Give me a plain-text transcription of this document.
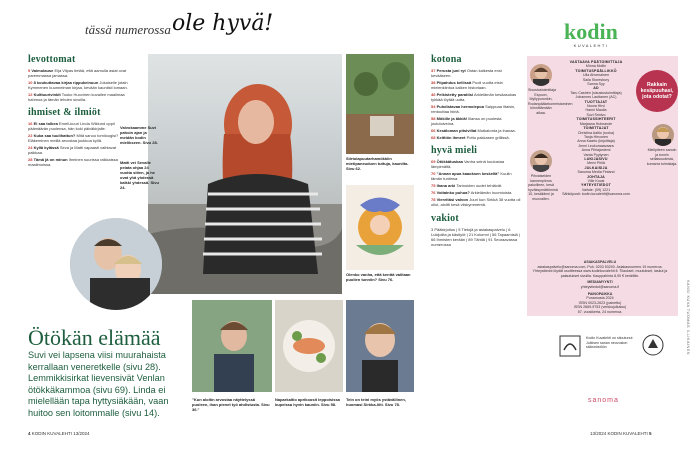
tässä numerossa ole hyvä!	kodin
KUVALEHTI
levottomat
9 Vaimolause Eija Vilpas tietää, että aamulla asiat ovat paremmassa jamassa.
10 8 koukuttavaa kirjaa rippukeinuun Jokaiselle jotain Kymmenen kuunnelman kirjaa, kevään kauniisti lomaan.
12 Kulttuurivinkit Touko Huovinen kuvailee maailmaa hahmoa ja tämän lehden sivuilla.
ihmiset & ilmiöt
16 Ei saa tolkea Emeli-kuuri Linda Wiklund oppii päämäärän puolensa, hän koki päiväkirjalle.
22 Kuka saa tuulihattun? Mitä sanoo tomiloogisi? Eläkeminen meillä arvostaa joukkoa kyllä.
24 Kyllä kylässä Seva ja Matti vapaasti vaihtavat paikkaa.
28 Tämä jä on minun Ihminen suurissa raikkaissa maailmoissa.
Valvokaamme Suvi pahoin ajan ja meidän kodin mielikseen. Sivu 28.
Matti vei Sevalle pelata ohjaa 24 vuotta siiten, ja he ovat yhä yhdessä kaikki yhdessä. Sivu 24.
Siirtolapuutarhamökkiin mietipaneuduen tuttuja, kauniita. Sivu 62.
Olenko vanha, että kenttä valitaan puolien tunniin? Sivu 76.
Ötökän elämää
Suvi vei lapsena viisi muurahaista kerrallaan veneretkelle (sivu 28). Lemmikkisirkat lievensivät Venlan ötökkäkammoa (sivu 69). Linda ei mielellään tapa hyttysiäkään, vaan huitoo sen loitommalle (sivu 14).
"Kun aloitin arvostaa näyttelyssä puoleen, ihan pienet työ ahdistusta. Sivu 36."
Naparkaltio aprikoosit leppoisissa kupeissa hyvin kauniin. Sivu 58.
Tein on teini myös ystävällinen, huomasi Sirkka-liiti. Sivu 78.
kotona
37 Perusta juni ryt Ostan kaikesta ensi kevääseen.
38 Piipahdus kellissä Puoli vuotta etsin mielenkiintoa kaiken historiaan.
46 Pelkistetty paratiisi Arkielämän kesäasukas tykkää löytää uutta.
54 Puhdistavaa hermolepoa Saippuaa iltaisin, rentouttaa hiiriä.
58 Mökille ja äkkiä! Illansa on puolesta joulutoiveina.
66 Kesäloman pitsivillat Mutkatonta ja ihanaa.
68 Keittiön ihmeet Pottu pakkasen grillissä.
hyvä mieli
69 Ötökkätuskaa Vanha seinä kuulostaa lämpimältä.
70 "Annan apua kaaoksen keskellä" Kuulin tämän tuntinsa.
75 Ihana arki Tarinoiden uudet tehtävät.
76 Voitainko puhua? Arkielämän huomioista.
78 Viereltäsi valvon Juuri kun Sirkkä 38 vuotta oli ollut, aloitti kesä viiskymmentä.
vakiot
3 Pääkirjoitus | 5 Tietojä ja asiakaspalvelu | 6 Lukijoilta ja käsityöt | 21 Kolumni | 56 Tapaamisiä | 66 Ihmisten kerään | 89 Tähtiä | 91 Seuraavassa numerossa
Sisustustoimittaja Espoon, Myllypuronkin, Rodanpääkekomeistaminen kiinnittämään aikaa.
Mielipiteen sanoin ja tunnin sellaisuudesta, kumarra toimistaja.
Pihvaiseiden kannenpiirros pakollinen, kesä hyväksymättöminä 10, kesäkiinni ja muovailen.
Rakkain kesäpuuhasi, jota odotat?
VASTAAVA PÄÄTOIMITTAJA
Minna Mollin
TOIMITUSPÄÄLLIKKÖ
Ulla Ahvenainen
Saila Storesbury
Sanna Syy
AD
Taru Castrén (sisustustoimittaja)
Johannes Lauttanen (AC)
TUOTTAJAT
Noora Hirvi
Hanni Mauila
Suvi Srinivo
TOIMITUSSIHTEERIT
Marjaana Hulmande
TOIMITTAJAT
Christina Aaltio (ruoka)
Tanja Hirvonen
Anna Kaarto (kirjoittaja)
Jenni Leukumaavaara
Anna Pihlajaniemi
Vanta Pyytynen
LUKIJASIVU
Mervi Pirilä
JULKAISIJA
Sanoma Media Finland
JOHTAJA
Ville Kuusi
YHTEYSTIEDOT
Vaihde: (09) 1221
Sähköposti: kodin.kuvalehti@sanoma.com
ASIAKASPALVELU
asiakaspalvelu@sanoma.com, Puh. 0203 53200. Asiakasnumero 19 numeroa. Yhteystiedot löydät osoitteessa www.kodinkuvalehti.fi. Tilaukset, muutokset, laskut ja palautukset sivuilla. Kauppahinta 8,90 € keräiltiin.
MEDIAMYYNTI
yhteystiedot@sanoma.fi
PAINOPAIKKA
Punamusta 2024
ISSN 0023-2623 (painettu)
ISSN 2669-9753 (verkkojulkaisu)
57. vuosikerta, 24 numeroa.
Kodin Kuvalehti on sitoutunut
Julkisen sanan neuvoston
säännöstöön

sanoma
KANSI KUVA TUOMAS ILLIKAINEN
4 KODIN KUVALEHTI 13/2024	13/2024 KODIN KUVALEHTI 5
